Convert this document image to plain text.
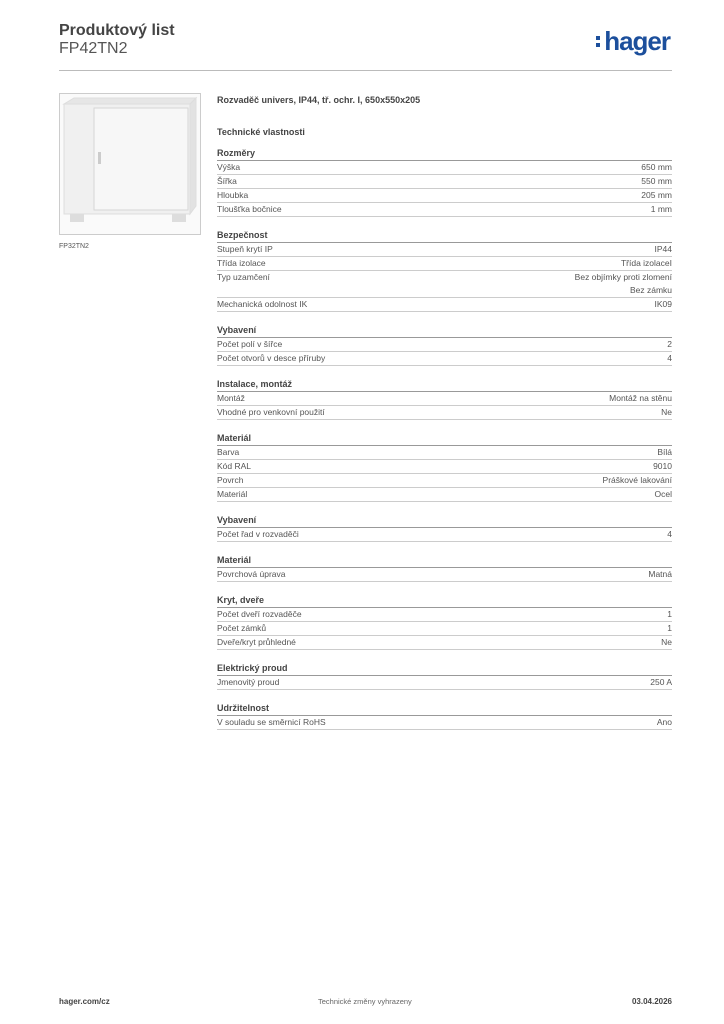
Produktový list
FP42TN2	hager
FP32TN2
Rozvaděč univers, IP44, tř. ochr. I, 650x550x205
Technické vlastnosti
Rozměry
Výška	650 mm
Šířka	550 mm
Hloubka	205 mm
Tloušťka bočnice	1 mm
Bezpečnost
Stupeň krytí IP	IP44
Třída izolace	Třída izolaceI
Typ uzamčení	Bez objímky proti zlomení
Bez zámku
Mechanická odolnost IK	IK09
Vybavení
Počet polí v šířce	2
Počet otvorů v desce příruby	4
Instalace, montáž
Montáž	Montáž na stěnu
Vhodné pro venkovní použití	Ne
Materiál
Barva	Bílá
Kód RAL	9010
Povrch	Práškové lakování
Materiál	Ocel
Vybavení
Počet řad v rozvaděči	4
Materiál
Povrchová úprava	Matná
Kryt, dveře
Počet dveří rozvaděče	1
Počet zámků	1
Dveře/kryt průhledné	Ne
Elektrický proud
Jmenovitý proud	250 A
Udržitelnost
V souladu se směrnicí RoHS	Ano
hager.com/cz	Technické změny vyhrazeny	03.04.2026
